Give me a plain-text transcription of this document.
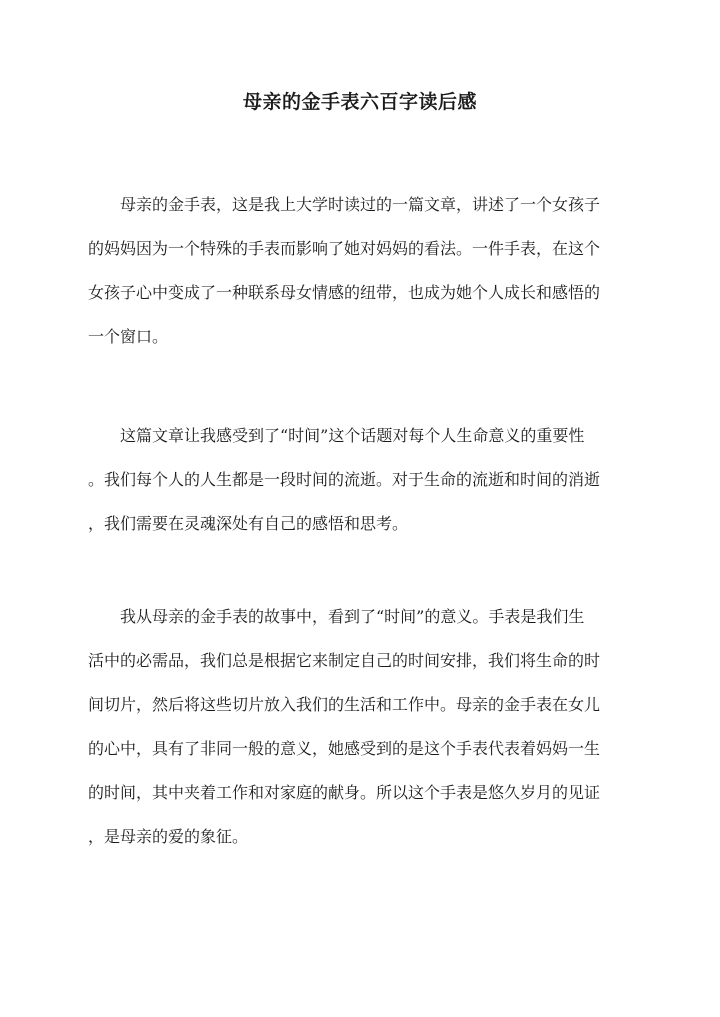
母亲的金手表六百字读后感

母亲的金手表，这是我上大学时读过的一篇文章，讲述了一个女孩子
的妈妈因为一个特殊的手表而影响了她对妈妈的看法。一件手表，在这个
女孩子心中变成了一种联系母女情感的纽带，也成为她个人成长和感悟的
一个窗口。

这篇文章让我感受到了“时间”这个话题对每个人生命意义的重要性
。我们每个人的人生都是一段时间的流逝。对于生命的流逝和时间的消逝
，我们需要在灵魂深处有自己的感悟和思考。

我从母亲的金手表的故事中，看到了“时间”的意义。手表是我们生
活中的必需品，我们总是根据它来制定自己的时间安排，我们将生命的时
间切片，然后将这些切片放入我们的生活和工作中。母亲的金手表在女儿
的心中，具有了非同一般的意义，她感受到的是这个手表代表着妈妈一生
的时间，其中夹着工作和对家庭的献身。所以这个手表是悠久岁月的见证
，是母亲的爱的象征。
